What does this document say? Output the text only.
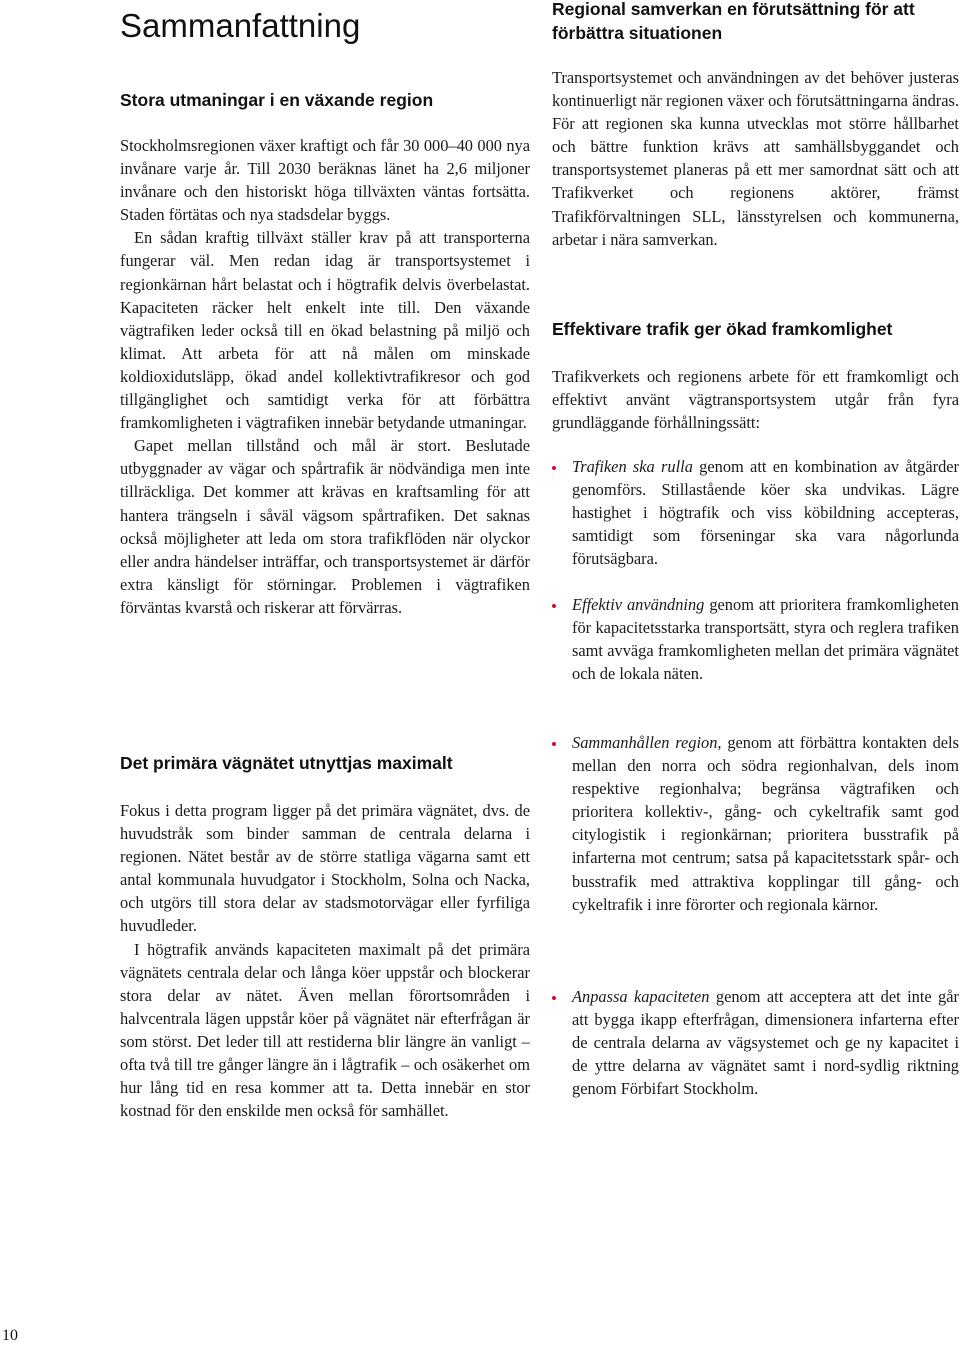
Sammanfattning
Stora utmaningar i en växande region

Stockholmsregionen växer kraftigt och får 30 000–40 000 nya invånare varje år. Till 2030 beräknas länet ha 2,6 miljoner invånare och den historiskt höga tillväxten väntas fortsätta. Staden förtätas och nya stadsdelar byggs.

En sådan kraftig tillväxt ställer krav på att transporterna fungerar väl. Men redan idag är transportsystemet i regionkärnan hårt belastat och i högtrafik delvis överbelastat. Kapaciteten räcker helt enkelt inte till. Den växande vägtrafiken leder också till en ökad belastning på miljö och klimat. Att arbeta för att nå målen om minskade koldioxidutsläpp, ökad andel kollektivtrafikresor och god tillgänglighet och samtidigt verka för att förbättra framkomligheten i vägtrafiken innebär betydande utmaningar.

Gapet mellan tillstånd och mål är stort. Beslutade utbyggnader av vägar och spårtrafik är nödvändiga men inte tillräckliga. Det kommer att krävas en kraftsamling för att hantera trängseln i såväl vägsom spårtrafiken. Det saknas också möjligheter att leda om stora trafikflöden när olyckor eller andra händelser inträffar, och transportsystemet är därför extra känsligt för störningar. Problemen i vägtrafiken förväntas kvarstå och riskerar att förvärras.

Det primära vägnätet utnyttjas maximalt

Fokus i detta program ligger på det primära vägnätet, dvs. de huvudstråk som binder samman de centrala delarna i regionen. Nätet består av de större statliga vägarna samt ett antal kommunala huvudgator i Stockholm, Solna och Nacka, och utgörs till stora delar av stadsmotorvägar eller fyrfiliga huvudleder.

I högtrafik används kapaciteten maximalt på det primära vägnätets centrala delar och långa köer uppstår och blockerar stora delar av nätet. Även mellan förortsområden i halvcentrala lägen uppstår köer på vägnätet när efterfrågan är som störst. Det leder till att restiderna blir längre än vanligt – ofta två till tre gånger längre än i lågtrafik – och osäkerhet om hur lång tid en resa kommer att ta. Detta innebär en stor kostnad för den enskilde men också för samhället.

Regional samverkan en förutsättning för att förbättra situationen

Transportsystemet och användningen av det behöver justeras kontinuerligt när regionen växer och förutsättningarna ändras. För att regionen ska kunna utvecklas mot större hållbarhet och bättre funktion krävs att samhällsbyggandet och transportsystemet planeras på ett mer samordnat sätt och att Trafikverket och regionens aktörer, främst Trafikförvaltningen SLL, länsstyrelsen och kommunerna, arbetar i nära samverkan.

Effektivare trafik ger ökad framkomlighet

Trafikverkets och regionens arbete för ett framkomligt och effektivt använt vägtransportsystem utgår från fyra grundläggande förhållningssätt:

Trafiken ska rulla genom att en kombination av åtgärder genomförs. Stillastående köer ska undvikas. Lägre hastighet i högtrafik och viss köbildning accepteras, samtidigt som förseningar ska vara någorlunda förutsägbara.

Effektiv användning genom att prioritera framkomligheten för kapacitetsstarka transportsätt, styra och reglera trafiken samt avväga framkomligheten mellan det primära vägnätet och de lokala näten.

Sammanhållen region, genom att förbättra kontakten dels mellan den norra och södra regionhalvan, dels inom respektive regionhalva; begränsa vägtrafiken och prioritera kollektiv-, gång- och cykeltrafik samt god citylogistik i regionkärnan; prioritera busstrafik på infarterna mot centrum; satsa på kapacitetsstark spår- och busstrafik med attraktiva kopplingar till gång- och cykeltrafik i inre förorter och regionala kärnor.

Anpassa kapaciteten genom att acceptera att det inte går att bygga ikapp efterfrågan, dimensionera infarterna efter de centrala delarna av vägsystemet och ge ny kapacitet i de yttre delarna av vägnätet samt i nord-sydlig riktning genom Förbifart Stockholm.

10
